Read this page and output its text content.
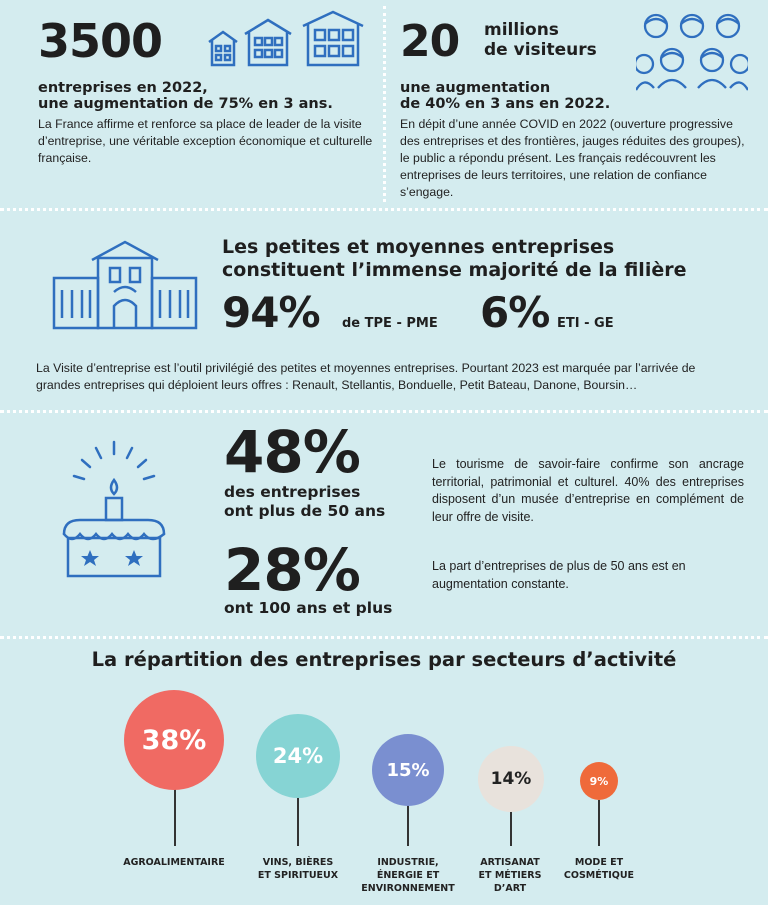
3500
entreprises en 2022,
une augmentation de 75% en 3 ans.
La France affirme et renforce sa place de leader de la visite d’entreprise, une véritable exception économique et culturelle française.
20 millions
de visiteurs
une augmentation
de 40% en 3 ans en 2022.
En dépit d’une année COVID en 2022 (ouverture progressive des entreprises et des frontières, jauges réduites des groupes), le public a répondu présent. Les français redécouvrent les entreprises de leurs territoires, une relation de confiance s’engage.
Les petites et moyennes entreprises
constituent l’immense majorité de la filière
94% de TPE - PME 6% ETI - GE
La Visite d’entreprise est l’outil privilégié des petites et moyennes entreprises. Pourtant 2023 est marquée par l’arrivée de grandes entreprises qui déploient leurs offres : Renault, Stellantis, Bonduelle, Petit Bateau, Danone, Boursin…
48%
des entreprises
ont plus de 50 ans
28%
ont 100 ans et plus
Le tourisme de savoir-faire confirme son ancrage territorial, patrimonial et culturel. 40% des entreprises disposent d’un musée d’entreprise en complément de leur offre de visite.
La part d’entreprises de plus de 50 ans est en augmentation constante.
La répartition des entreprises par secteurs d’activité
38%
AGROALIMENTAIRE
24%
VINS, BIÈRES
ET SPIRITUEUX
15%
INDUSTRIE,
ÉNERGIE ET
ENVIRONNEMENT
14%
ARTISANAT
ET MÉTIERS
D’ART
9%
MODE ET
COSMÉTIQUE
